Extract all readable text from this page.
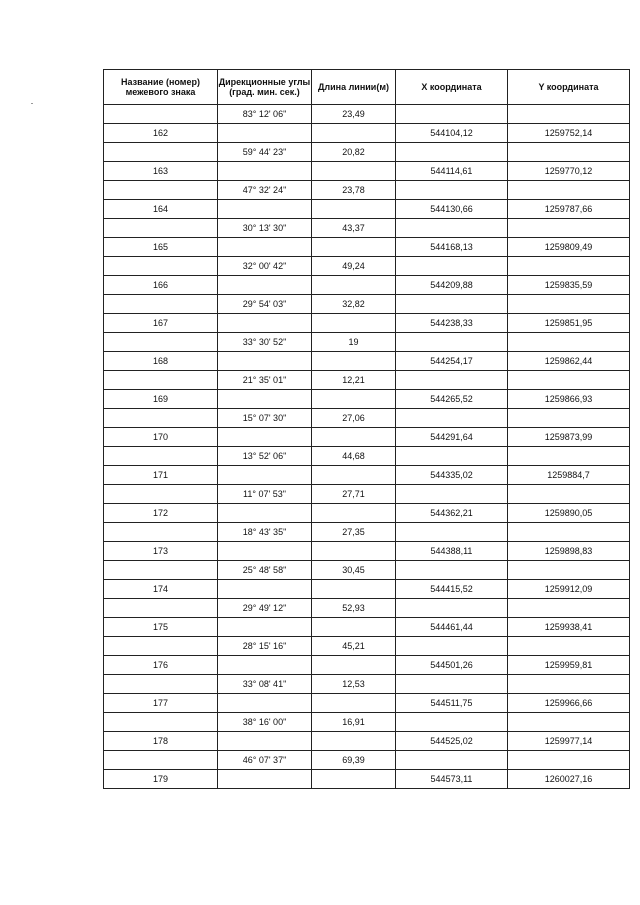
Название (номер) межевого знака	Дирекционные углы (град. мин. сек.)	Длина линии(м)	X координата	Y координата
	83° 12' 06"	23,49		
162			544104,12	1259752,14
	59° 44' 23"	20,82		
163			544114,61	1259770,12
	47° 32' 24"	23,78		
164			544130,66	1259787,66
	30° 13' 30"	43,37		
165			544168,13	1259809,49
	32° 00' 42"	49,24		
166			544209,88	1259835,59
	29° 54' 03"	32,82		
167			544238,33	1259851,95
	33° 30' 52"	19		
168			544254,17	1259862,44
	21° 35' 01"	12,21		
169			544265,52	1259866,93
	15° 07' 30"	27,06		
170			544291,64	1259873,99
	13° 52' 06"	44,68		
171			544335,02	1259884,7
	11° 07' 53"	27,71		
172			544362,21	1259890,05
	18° 43' 35"	27,35		
173			544388,11	1259898,83
	25° 48' 58"	30,45		
174			544415,52	1259912,09
	29° 49' 12"	52,93		
175			544461,44	1259938,41
	28° 15' 16"	45,21		
176			544501,26	1259959,81
	33° 08' 41"	12,53		
177			544511,75	1259966,66
	38° 16' 00"	16,91		
178			544525,02	1259977,14
	46° 07' 37"	69,39		
179			544573,11	1260027,16
